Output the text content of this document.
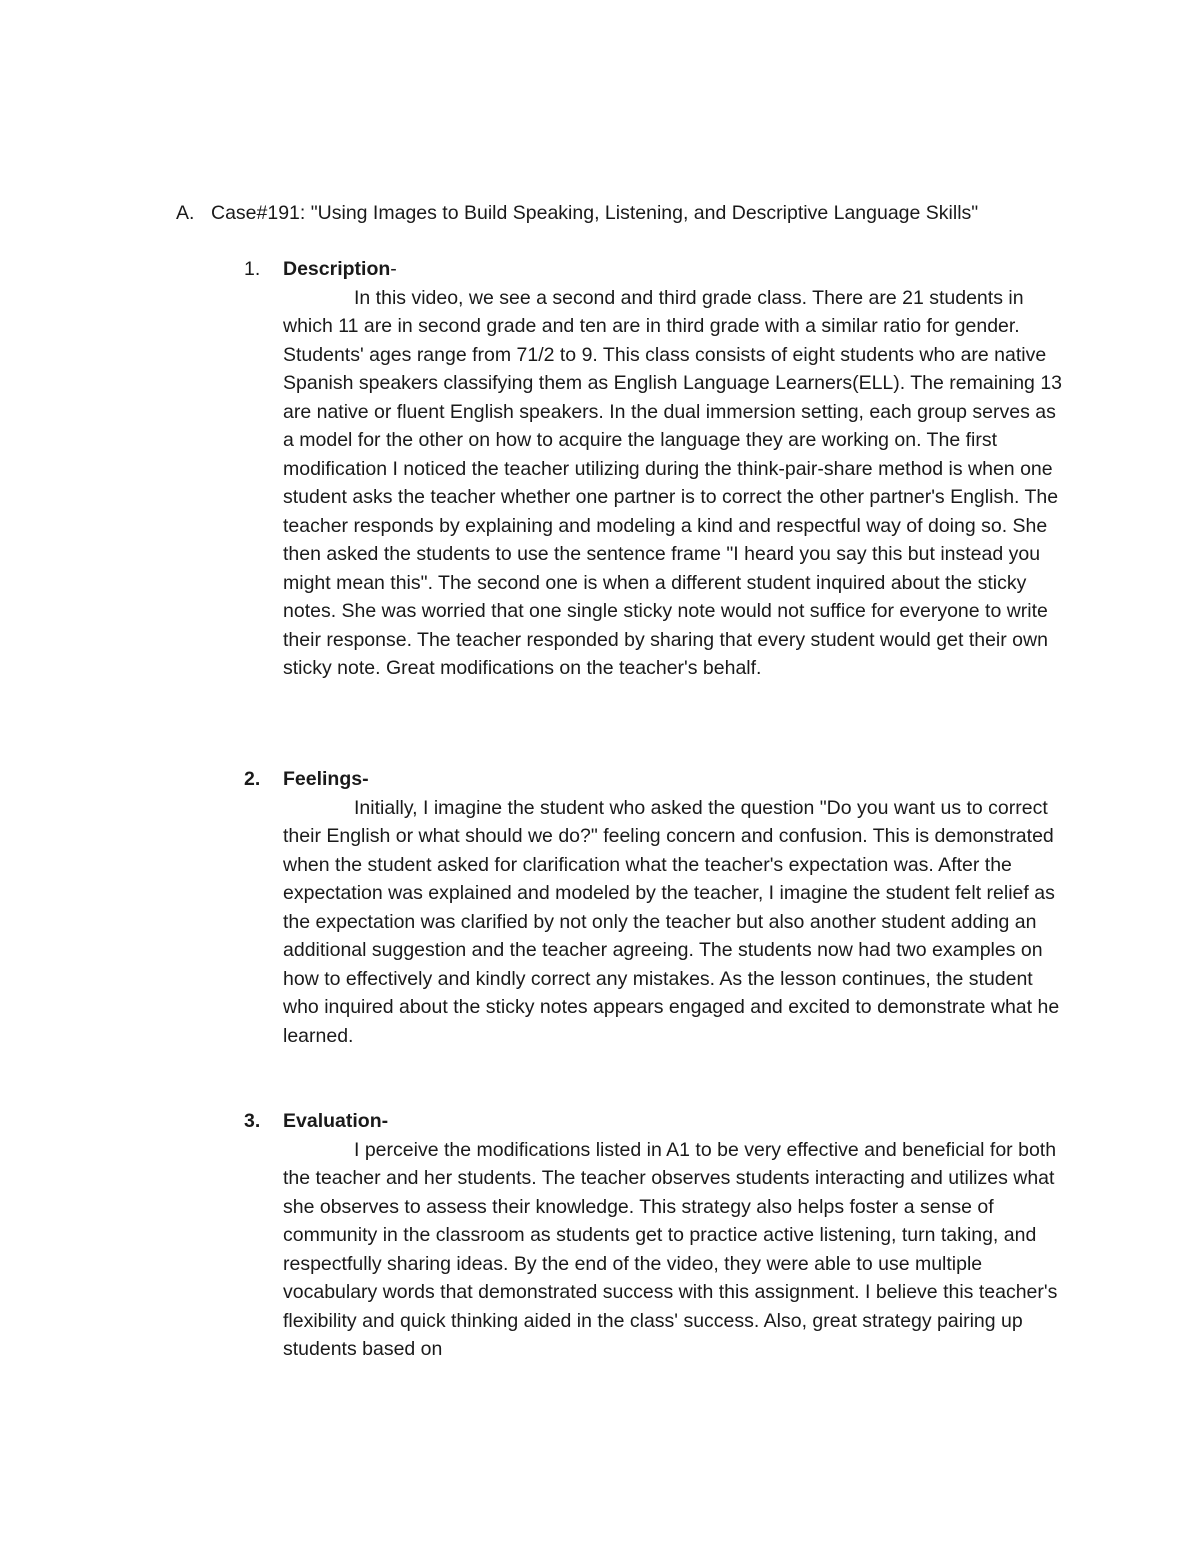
A. Case#191: "Using Images to Build Speaking, Listening, and Descriptive Language Skills"
1.	Description-

In this video, we see a second and third grade class. There are 21 students in which 11 are in second grade and ten are in third grade with a similar ratio for gender. Students' ages range from 71/2 to 9. This class consists of eight students who are native Spanish speakers classifying them as English Language Learners(ELL). The remaining 13 are native or fluent English speakers. In the dual immersion setting, each group serves as a model for the other on how to acquire the language they are working on. The first modification I noticed the teacher utilizing during the think-pair-share method is when one student asks the teacher whether one partner is to correct the other partner's English. The teacher responds by explaining and modeling a kind and respectful way of doing so. She then asked the students to use the sentence frame "I heard you say this but instead you might mean this". The second one is when a different student inquired about the sticky notes. She was worried that one single sticky note would not suffice for everyone to write their response. The teacher responded by sharing that every student would get their own sticky note. Great modifications on the teacher's behalf.

2.	Feelings-

Initially, I imagine the student who asked the question "Do you want us to correct their English or what should we do?" feeling concern and confusion. This is demonstrated when the student asked for clarification what the teacher's expectation was. After the expectation was explained and modeled by the teacher, I imagine the student felt relief as the expectation was clarified by not only the teacher but also another student adding an additional suggestion and the teacher agreeing. The students now had two examples on how to effectively and kindly correct any mistakes. As the lesson continues, the student who inquired about the sticky notes appears engaged and excited to demonstrate what he learned.

3.	Evaluation-

I perceive the modifications listed in A1 to be very effective and beneficial for both the teacher and her students. The teacher observes students interacting and utilizes what she observes to assess their knowledge. This strategy also helps foster a sense of community in the classroom as students get to practice active listening, turn taking, and respectfully sharing ideas. By the end of the video, they were able to use multiple vocabulary words that demonstrated success with this assignment. I believe this teacher's flexibility and quick thinking aided in the class' success. Also, great strategy pairing up students based on
